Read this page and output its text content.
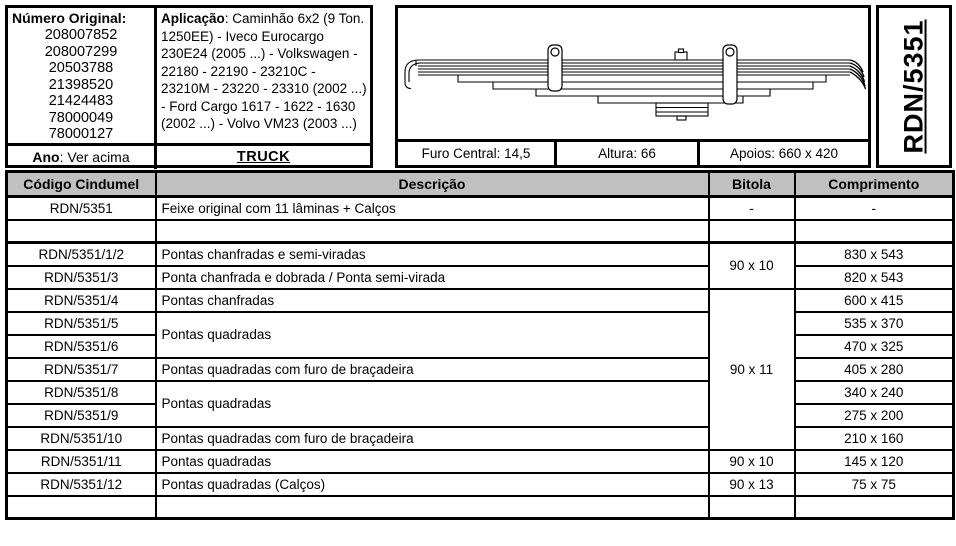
Número Original:
208007852
208007299
20503788
21398520
21424483
78000049
78000127
Aplicação: Caminhão 6x2 (9 Ton. 1250EE) - Iveco Eurocargo 230E24 (2005 ...) - Volkswagen - 22180 - 22190 - 23210C - 23210M - 23220 - 23310 (2002 ...) - Ford Cargo 1617 - 1622 - 1630 (2002 ...) - Volvo VM23 (2003 ...)
Ano : Ver acima	TRUCK	Furo Central: 14,5	Altura: 66	Apoios: 660 x 420	RDN/5351
Código Cindumel	Descrição	Bitola	Comprimento
RDN/5351	Feixe original com 11 lâminas + Calços	-	-

RDN/5351/1/2	Pontas chanfradas e semi-viradas	90 x 10	830 x 543
RDN/5351/3	Ponta chanfrada e dobrada / Ponta semi-virada		820 x 543
RDN/5351/4	Pontas chanfradas	90 x 11	600 x 415
RDN/5351/5	Pontas quadradas		535 x 370
RDN/5351/6			470 x 325
RDN/5351/7	Pontas quadradas com furo de braçadeira		405 x 280
RDN/5351/8	Pontas quadradas		340 x 240
RDN/5351/9			275 x 200
RDN/5351/10	Pontas quadradas com furo de braçadeira		210 x 160
RDN/5351/11	Pontas quadradas	90 x 10	145 x 120
RDN/5351/12	Pontas quadradas (Calços)	90 x 13	75 x 75
